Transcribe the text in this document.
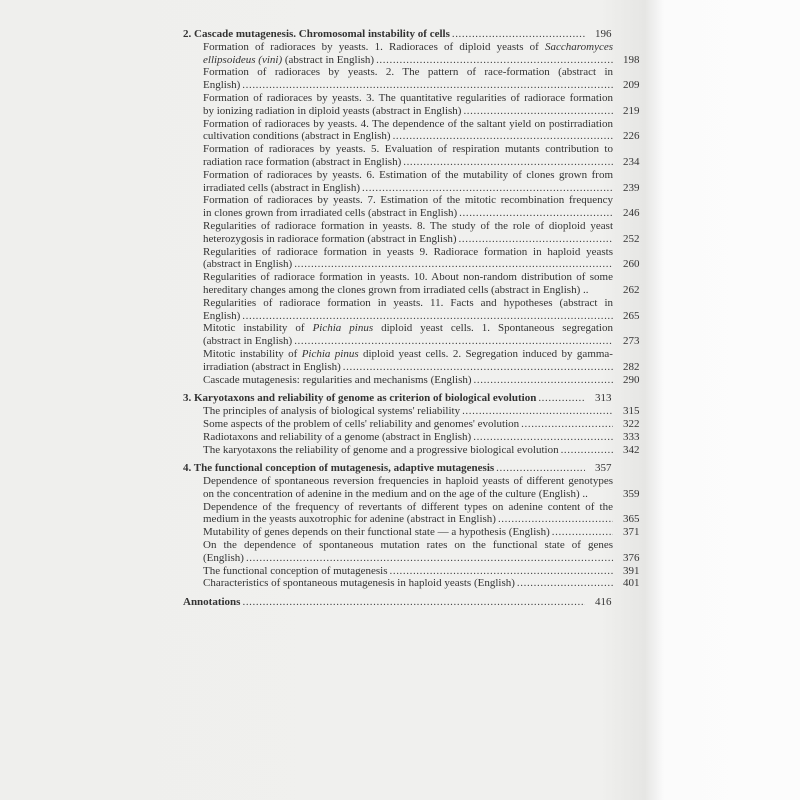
2. Cascade mutagenesis. Chromosomal instability of cells .....	196
Formation of radioraces by yeasts. 1. Radioraces of diploid yeasts of Saccharomyces
ellipsoideus (vini) (abstract in English) .....	198
Formation of radioraces by yeasts. 2. The pattern of race-formation (abstract in
English) .....	209
Formation of radioraces by yeasts. 3. The quantitative regularities of radiorace formation
by ionizing radiation in diploid yeasts (abstract in English) .....	219
Formation of radioraces by yeasts. 4. The dependence of the saltant yield on postirradiation
cultivation conditions (abstract in English) .....	226
Formation of radioraces by yeasts. 5. Evaluation of respiration mutants contribution to
radiation race formation (abstract in English) .....	234
Formation of radioraces by yeasts. 6. Estimation of the mutability of clones grown from
irradiated cells (abstract in English) .....	239
Formation of radioraces by yeasts. 7. Estimation of the mitotic recombination frequency
in clones grown from irradiated cells (abstract in English) .....	246
Regularities of radiorace formation in yeasts. 8. The study of the role of dioploid yeast
heterozygosis in radiorace formation (abstract in English) .....	252
Regularities of radiorace formation in yeasts 9. Radiorace formation in haploid yeasts
(abstract in English) .....	260
Regularities of radiorace formation in yeasts. 10. About non-random distribution of some
hereditary changes among the clones grown from irradiated cells (abstract in English) ..	262
Regularities of radiorace formation in yeasts. 11. Facts and hypotheses (abstract in
English) .....	265
Mitotic instability of Pichia pinus diploid yeast cells. 1. Spontaneous segregation
(abstract in English) .....	273
Mitotic instability of Pichia pinus diploid yeast cells. 2. Segregation induced by gamma-
irradiation (abstract in English) .....	282
Cascade mutagenesis: regularities and mechanisms (English) .....	290
3. Karyotaxons and reliability of genome as criterion of biological evolution .....	313
The principles of analysis of biological systems' reliability .....	315
Some aspects of the problem of cells' reliability and genomes' evolution .....	322
Radiotaxons and reliability of a genome (abstract in English) .....	333
The karyotaxons the reliability of genome and a progressive biological evolution .....	342
4. The functional conception of mutagenesis, adaptive mutagenesis .....	357
Dependence of spontaneous reversion frequencies in haploid yeasts of different genotypes
on the concentration of adenine in the medium and on the age of the culture (English) ..	359
Dependence of the frequency of revertants of different types on adenine content of the
medium in the yeasts auxotrophic for adenine (abstract in English) .....	365
Mutability of genes depends on their functional state — a hypothesis (English) .....	371
On the dependence of spontaneous mutation rates on the functional state of genes
(English) .....	376
The functional conception of mutagenesis .....	391
Characteristics of spontaneous mutagenesis in haploid yeasts (English) .....	401
Annotations .....	416
